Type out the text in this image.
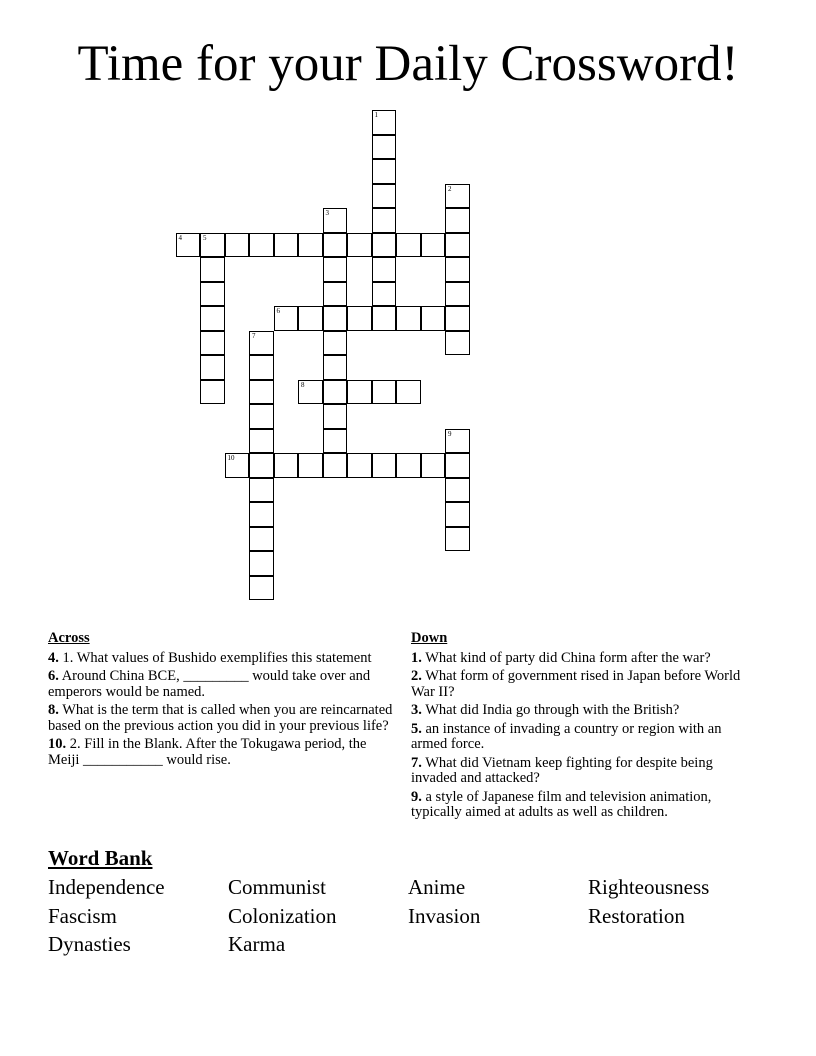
Time for your Daily Crossword!
1
2
3
4	5
6
7
8
9
10
Across
4. 1. What values of Bushido exemplifies this statement
6. Around China BCE, _________ would take over and emperors would be named.
8. What is the term that is called when you are reincarnated based on the previous action you did in your previous life?
10. 2. Fill in the Blank. After the Tokugawa period, the Meiji ___________ would rise.
Down
1. What kind of party did China form after the war?
2. What form of government rised in Japan before World War II?
3. What did India go through with the British?
5. an instance of invading a country or region with an armed force.
7. What did Vietnam keep fighting for despite being invaded and attacked?
9. a style of Japanese film and television animation, typically aimed at adults as well as children.
Word Bank
Independence	Communist	Anime	Righteousness
Fascism	Colonization	Invasion	Restoration
Dynasties	Karma
